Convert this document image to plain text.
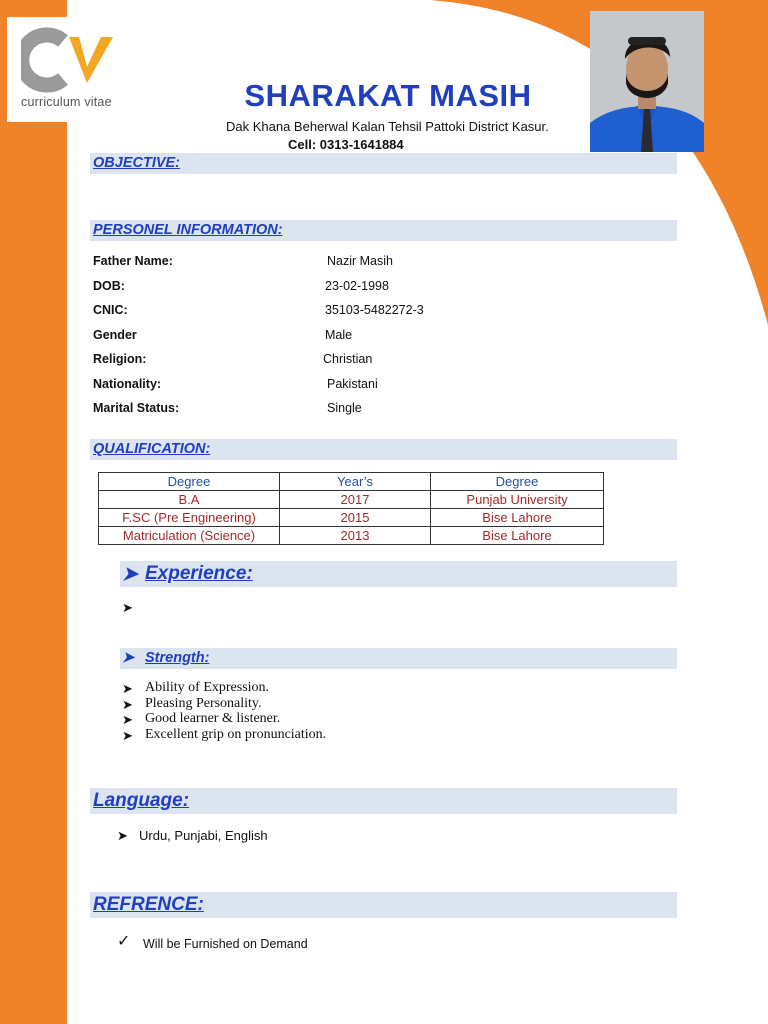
curriculum vitae	SHARAKAT MASIH
Dak Khana Beherwal Kalan Tehsil Pattoki District Kasur.
Cell: 0313-1641884
OBJECTIVE:
PERSONEL INFORMATION:
Father Name:	Nazir Masih
DOB:	23-02-1998
CNIC:	35103-5482272-3
Gender	Male
Religion:	Christian
Nationality:	Pakistani
Marital Status:	Single
QUALIFICATION:
Degree	Year’s	Degree
B.A	2017	Punjab University
F.SC (Pre Engineering)	2015	Bise Lahore
Matriculation (Science)	2013	Bise Lahore
➤ Experience:
➤
➤ Strength:
➤ Ability of Expression.
➤ Pleasing Personality.
➤ Good learner & listener.
➤ Excellent grip on pronunciation.
Language:
➤ Urdu, Punjabi, English
REFRENCE:
✓ Will be Furnished on Demand
